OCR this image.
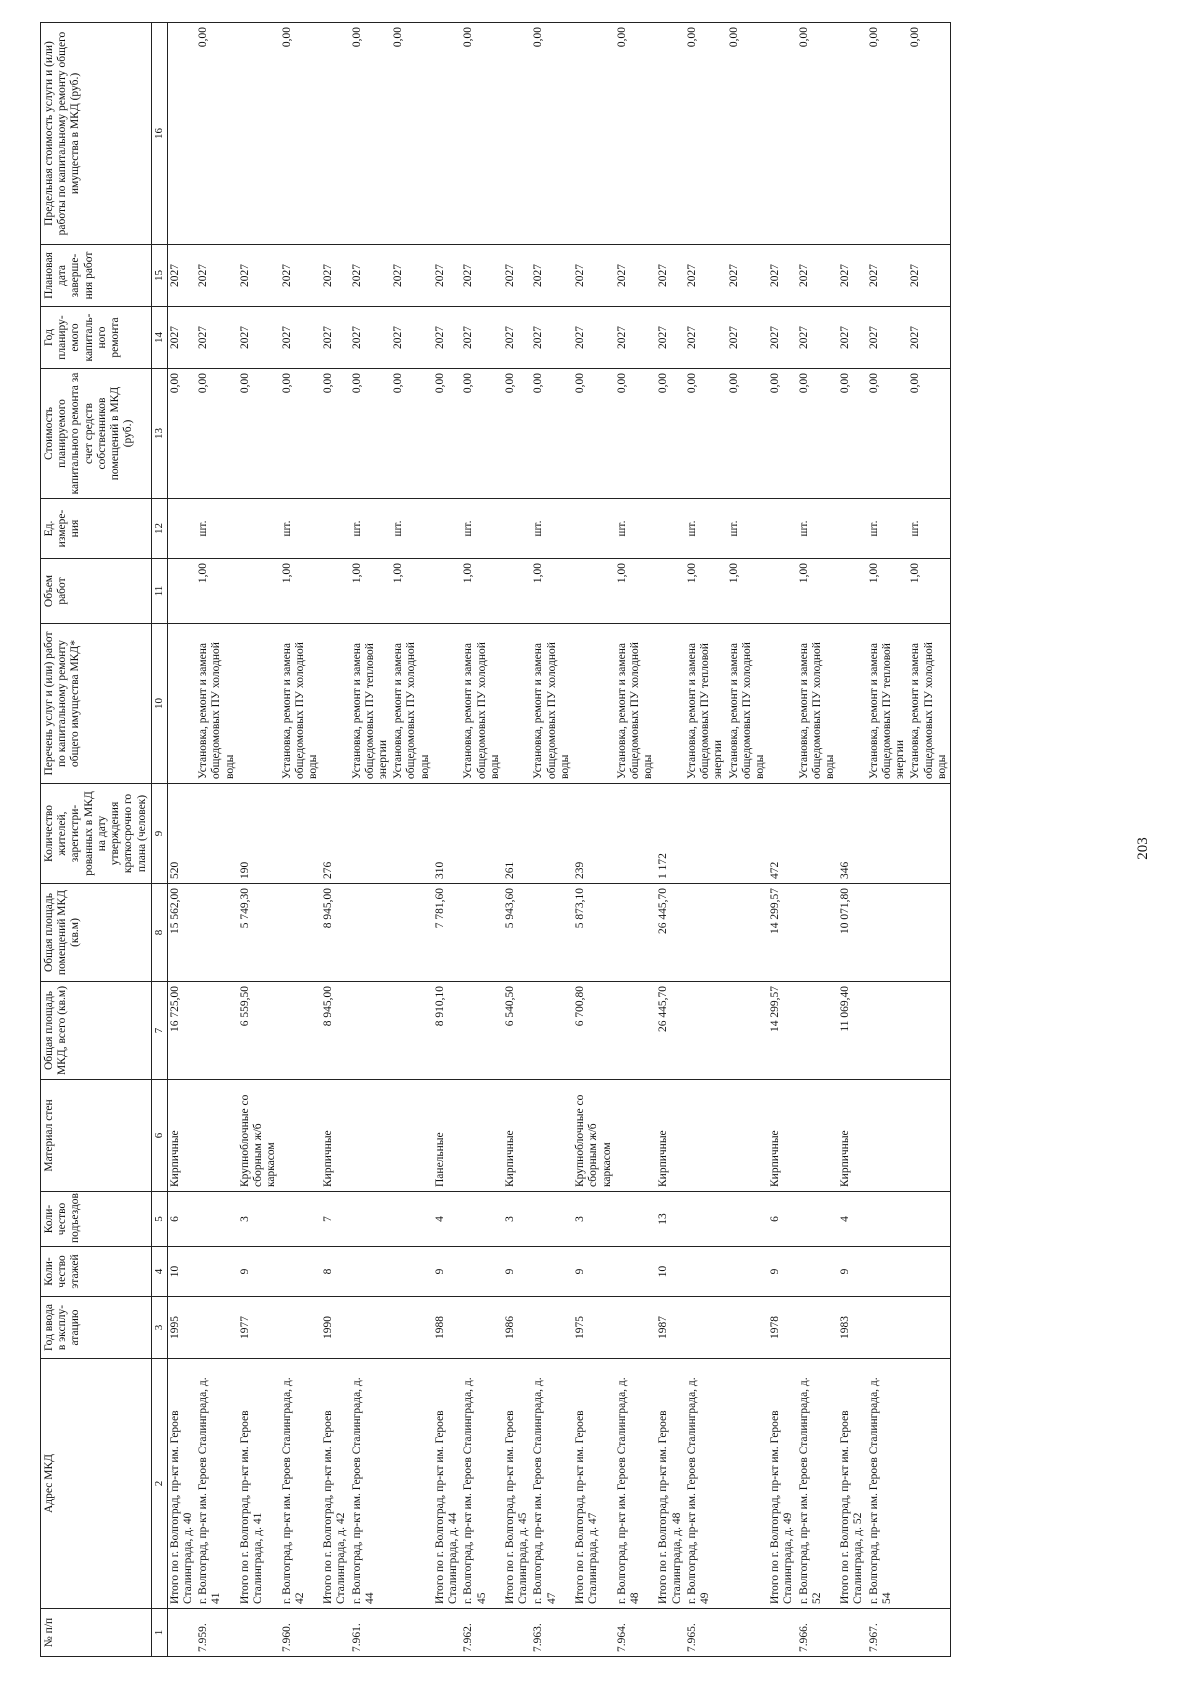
203
№ п/п	Адрес МКД	Год ввода в эксплу-атацию	Коли-чество этажей	Коли-чество подъездов	Материал стен	Общая площадь МКД, всего (кв.м)	Общая площадь помещений МКД (кв.м)	Количество жителей, зарегистри-рованных в МКД на дату утверждения краткосрочно го плана (человек)	Перечень услуг и (или) работ по капитальному ремонту общего имущества МКД*	Объем работ	Ед. измере-ния	Стоимость планируемого капитального ремонта за счет средств собственников помещений в МКД (руб.)	Год планиру-емого капиталь-ного ремонта	Плановая дата заверше-ния работ	Предельная стоимость услуги и (или) работы по капитальному ремонту общего имущества в МКД (руб.)
1	2	3	4	5	6	7	8	9	10	11	12	13	14	15	16
	Итого по г. Волгоград, пр-кт им. Героев Сталинграда, д. 40	1995	10	6	Кирпичные	16 725,00	15 562,00	520				0,00	2027	2027	
7.959.	г. Волгоград, пр-кт им. Героев Сталинграда, д. 41								Установка, ремонт и замена общедомовых ПУ холодной воды	1,00	шт.	0,00	2027	2027	0,00
	Итого по г. Волгоград, пр-кт им. Героев Сталинграда, д. 41	1977	9	3	Крупноблочные со сборным ж/б каркасом	6 559,50	5 749,30	190				0,00	2027	2027	
7.960.	г. Волгоград, пр-кт им. Героев Сталинграда, д. 42								Установка, ремонт и замена общедомовых ПУ холодной воды	1,00	шт.	0,00	2027	2027	0,00
	Итого по г. Волгоград, пр-кт им. Героев Сталинграда, д. 42	1990	8	7	Кирпичные	8 945,00	8 945,00	276				0,00	2027	2027	
7.961.	г. Волгоград, пр-кт им. Героев Сталинграда, д. 44								Установка, ремонт и замена общедомовых ПУ тепловой энергии	1,00	шт.	0,00	2027	2027	0,00
									Установка, ремонт и замена общедомовых ПУ холодной воды	1,00	шт.	0,00	2027	2027	0,00
	Итого по г. Волгоград, пр-кт им. Героев Сталинграда, д. 44	1988	9	4	Панельные	8 910,10	7 781,60	310				0,00	2027	2027	
7.962.	г. Волгоград, пр-кт им. Героев Сталинграда, д. 45								Установка, ремонт и замена общедомовых ПУ холодной воды	1,00	шт.	0,00	2027	2027	0,00
	Итого по г. Волгоград, пр-кт им. Героев Сталинграда, д. 45	1986	9	3	Кирпичные	6 540,50	5 943,60	261				0,00	2027	2027	
7.963.	г. Волгоград, пр-кт им. Героев Сталинграда, д. 47								Установка, ремонт и замена общедомовых ПУ холодной воды	1,00	шт.	0,00	2027	2027	0,00
	Итого по г. Волгоград, пр-кт им. Героев Сталинграда, д. 47	1975	9	3	Крупноблочные со сборным ж/б каркасом	6 700,80	5 873,10	239				0,00	2027	2027	
7.964.	г. Волгоград, пр-кт им. Героев Сталинграда, д. 48								Установка, ремонт и замена общедомовых ПУ холодной воды	1,00	шт.	0,00	2027	2027	0,00
	Итого по г. Волгоград, пр-кт им. Героев Сталинграда, д. 48	1987	10	13	Кирпичные	26 445,70	26 445,70	1 172				0,00	2027	2027	
7.965.	г. Волгоград, пр-кт им. Героев Сталинграда, д. 49								Установка, ремонт и замена общедомовых ПУ тепловой энергии	1,00	шт.	0,00	2027	2027	0,00
									Установка, ремонт и замена общедомовых ПУ холодной воды	1,00	шт.	0,00	2027	2027	0,00
	Итого по г. Волгоград, пр-кт им. Героев Сталинграда, д. 49	1978	9	6	Кирпичные	14 299,57	14 299,57	472				0,00	2027	2027	
7.966.	г. Волгоград, пр-кт им. Героев Сталинграда, д. 52								Установка, ремонт и замена общедомовых ПУ холодной воды	1,00	шт.	0,00	2027	2027	0,00
	Итого по г. Волгоград, пр-кт им. Героев Сталинграда, д. 52	1983	9	4	Кирпичные	11 069,40	10 071,80	346				0,00	2027	2027	
7.967.	г. Волгоград, пр-кт им. Героев Сталинграда, д. 54								Установка, ремонт и замена общедомовых ПУ тепловой энергии	1,00	шт.	0,00	2027	2027	0,00
									Установка, ремонт и замена общедомовых ПУ холодной воды	1,00	шт.	0,00	2027	2027	0,00
